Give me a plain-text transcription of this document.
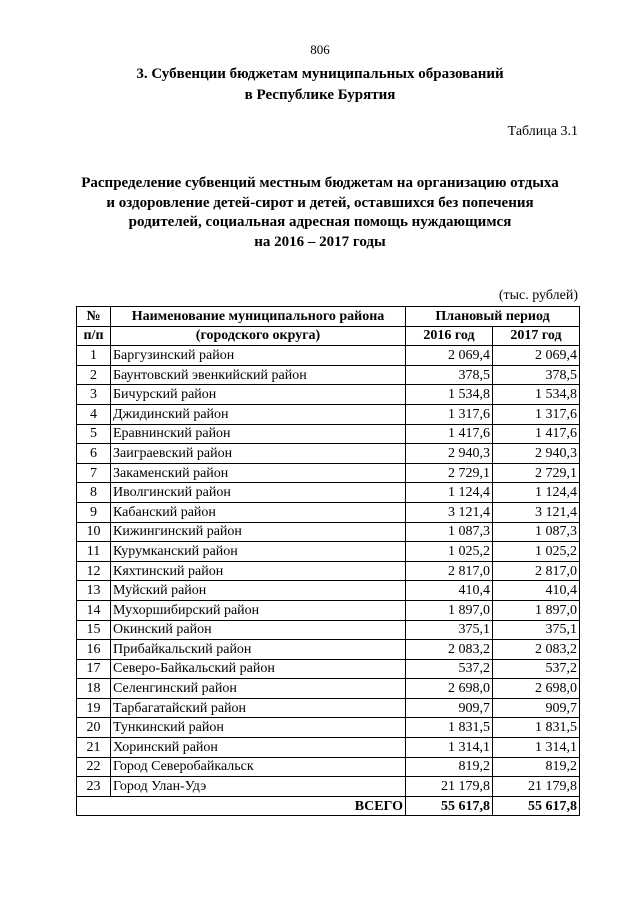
806
3. Субвенции бюджетам муниципальных образований
в Республике Бурятия
Таблица 3.1
Распределение субвенций местным бюджетам на организацию отдыха
и оздоровление детей-сирот и детей, оставшихся без попечения
родителей, социальная адресная помощь нуждающимся
на 2016 – 2017 годы
(тыс. рублей)
№	Наименование муниципального района	Плановый период	
п/п	(городского округа)	2016 год	2017 год
1	Баргузинский район	2 069,4	2 069,4
2	Баунтовский эвенкийский район	378,5	378,5
3	Бичурский район	1 534,8	1 534,8
4	Джидинский район	1 317,6	1 317,6
5	Еравнинский район	1 417,6	1 417,6
6	Заиграевский район	2 940,3	2 940,3
7	Закаменский район	2 729,1	2 729,1
8	Иволгинский район	1 124,4	1 124,4
9	Кабанский район	3 121,4	3 121,4
10	Кижингинский район	1 087,3	1 087,3
11	Курумканский район	1 025,2	1 025,2
12	Кяхтинский район	2 817,0	2 817,0
13	Муйский район	410,4	410,4
14	Мухоршибирский район	1 897,0	1 897,0
15	Окинский район	375,1	375,1
16	Прибайкальский район	2 083,2	2 083,2
17	Северо-Байкальский район	537,2	537,2
18	Селенгинский район	2 698,0	2 698,0
19	Тарбагатайский район	909,7	909,7
20	Тункинский район	1 831,5	1 831,5
21	Хоринский район	1 314,1	1 314,1
22	Город Северобайкальск	819,2	819,2
23	Город Улан-Удэ	21 179,8	21 179,8
ВСЕГО		55 617,8	55 617,8
